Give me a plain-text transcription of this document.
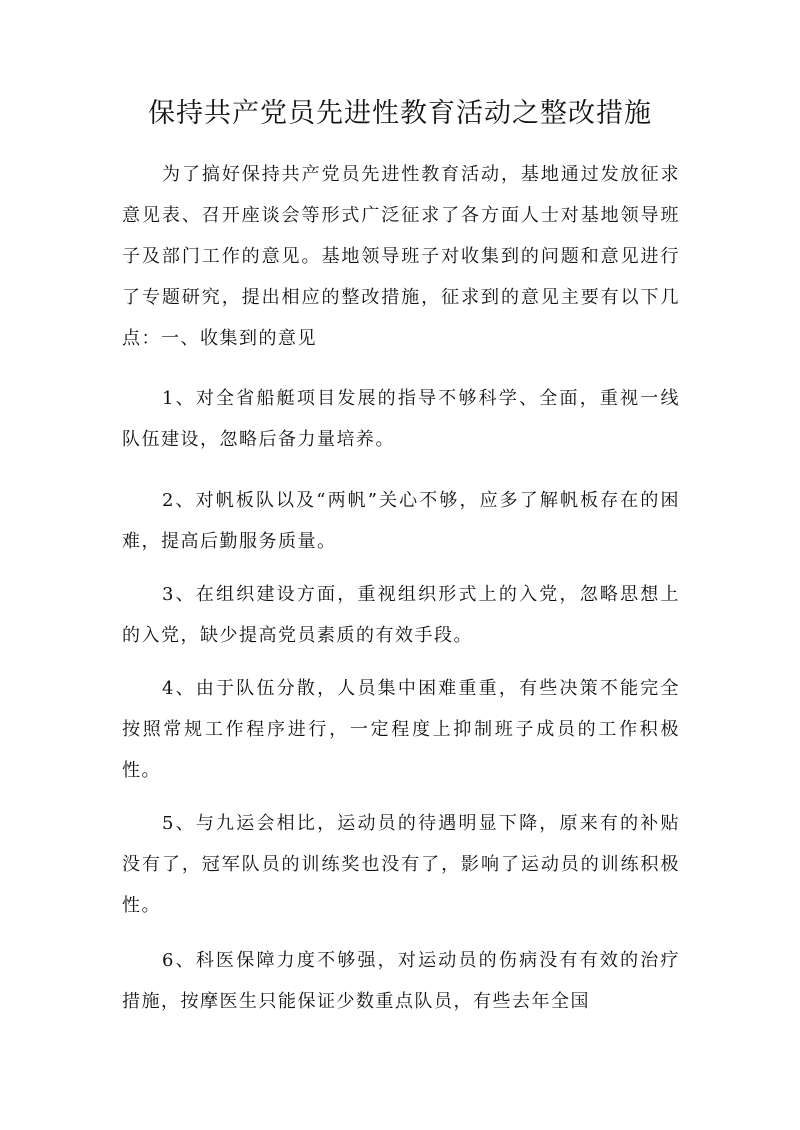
保持共产党员先进性教育活动之整改措施

为了搞好保持共产党员先进性教育活动，基地通过发放征求意见表、召开座谈会等形式广泛征求了各方面人士对基地领导班子及部门工作的意见。基地领导班子对收集到的问题和意见进行了专题研究，提出相应的整改措施，征求到的意见主要有以下几点：一、收集到的意见

1、对全省船艇项目发展的指导不够科学、全面，重视一线队伍建设，忽略后备力量培养。

2、对帆板队以及“两帆”关心不够，应多了解帆板存在的困难，提高后勤服务质量。

3、在组织建设方面，重视组织形式上的入党，忽略思想上的入党，缺少提高党员素质的有效手段。

4、由于队伍分散，人员集中困难重重，有些决策不能完全按照常规工作程序进行，一定程度上抑制班子成员的工作积极性。

5、与九运会相比，运动员的待遇明显下降，原来有的补贴没有了，冠军队员的训练奖也没有了，影响了运动员的训练积极性。

6、科医保障力度不够强，对运动员的伤病没有有效的治疗措施，按摩医生只能保证少数重点队员，有些去年全国
